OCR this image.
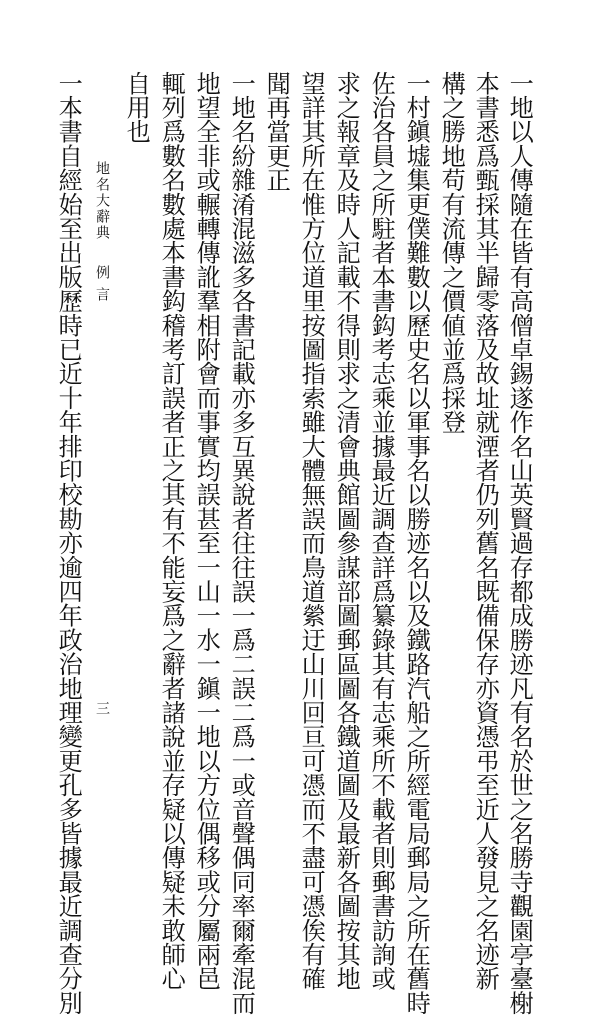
一地以人傳隨在皆有高僧卓錫遂作名山英賢過存都成勝迹凡有名於世之名勝寺觀園亭臺榭
本書悉爲甄採其半歸零落及故址就湮者仍列舊名既備保存亦資憑弔至近人發見之名迹新
構之勝地苟有流傳之價値並爲採登
一村鎭墟集更僕難數以歷史名以軍事名以勝迹名以及鐵路汽船之所經電局郵局之所在舊時
佐治各員之所駐者本書鈎考志乘並據最近調查詳爲纂錄其有志乘所不載者則郵書訪詢或
求之報章及時人記載不得則求之清會典館圖參謀部圖郵區圖各鐵道圖及最新各圖按其地
望詳其所在惟方位道里按圖指索雖大體無誤而鳥道縈迂山川回亘可憑而不盡可憑俟有確
聞再當更正
一地名紛雜淆混滋多各書記載亦多互異說者往往誤一爲二誤二爲一或音聲偶同率爾牽混而
地望全非或輾轉傳訛羣相附會而事實均誤甚至一山一水一鎭一地以方位偶移或分屬兩邑
輒列爲數名數處本書鈎稽考訂誤者正之其有不能妄爲之辭者諸說並存疑以傳疑未敢師心
自用也
地名大辭典
例言
三
一本書自經始至出版歷時已近十年排印校勘亦逾四年政治地理變更孔多皆據最近調查分別
